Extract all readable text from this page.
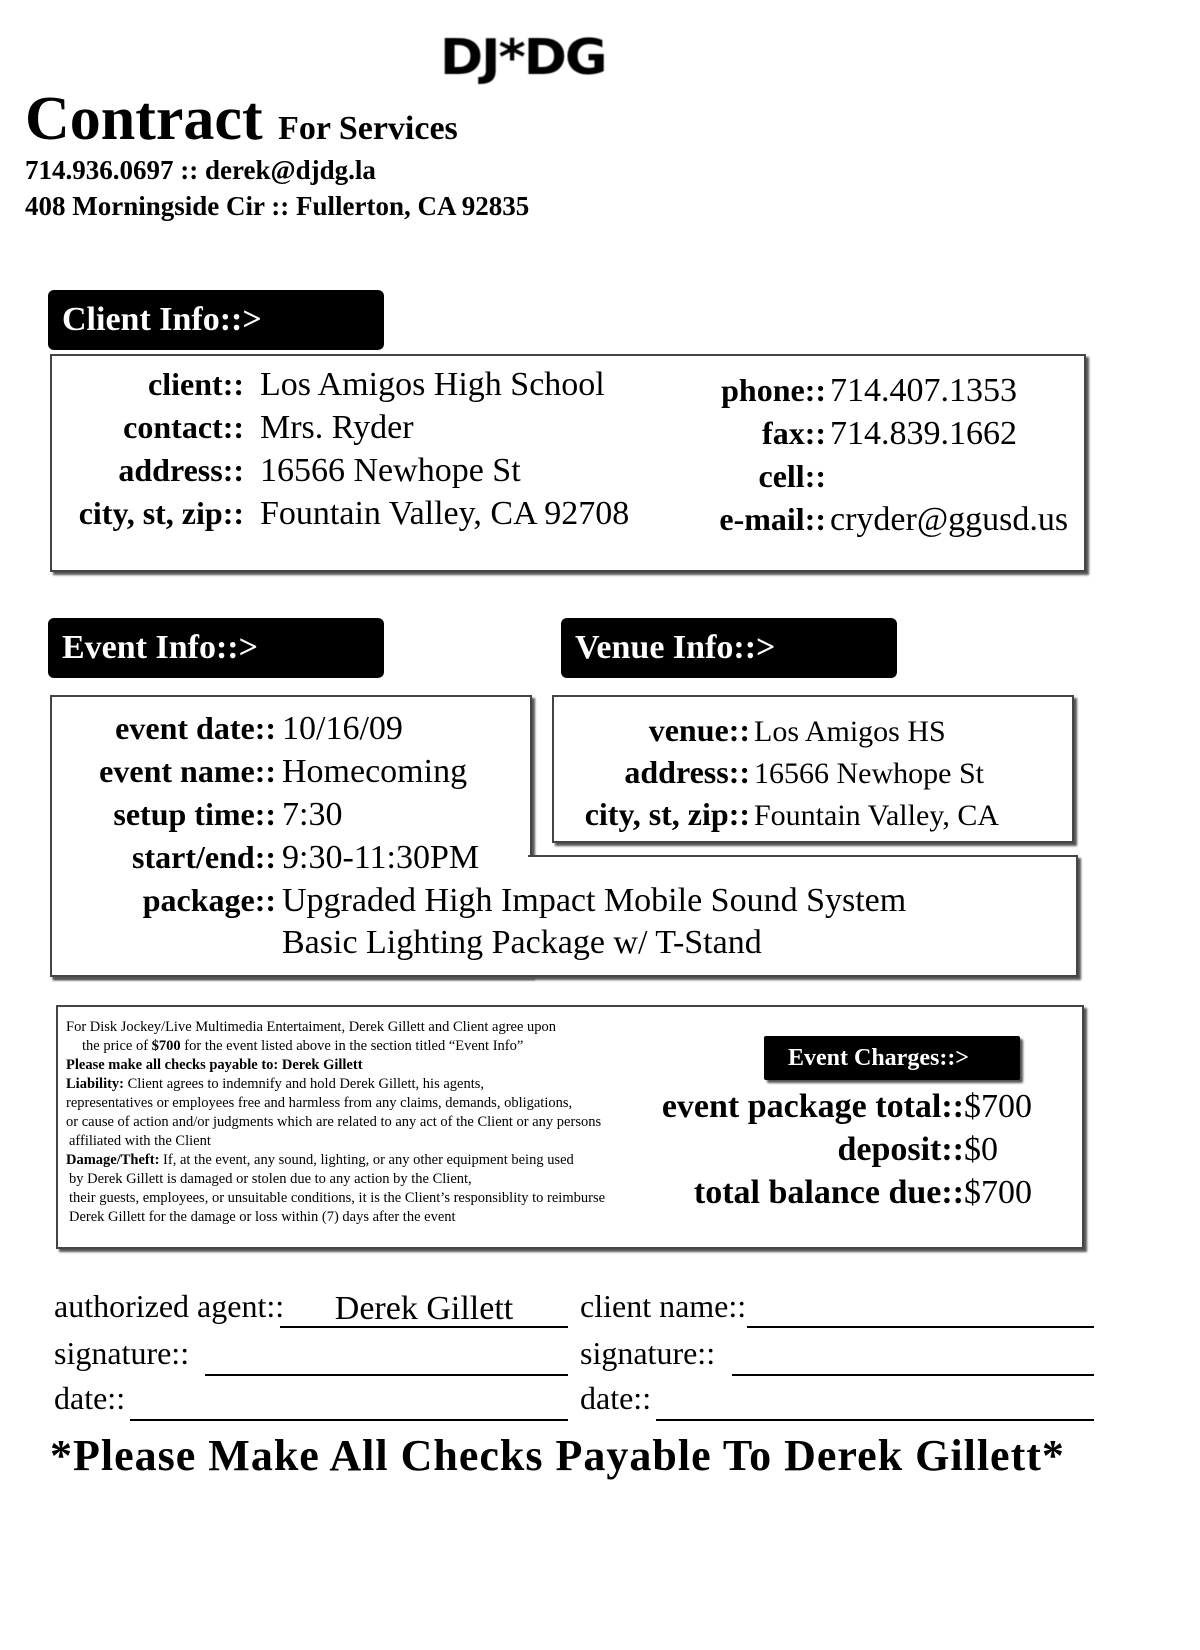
DJ*DG
Contract For Services
714.936.0697 :: derek@djdg.la
408 Morningside Cir :: Fullerton, CA 92835
Client Info::>
Event Info::>	Venue Info::>
For Disk Jockey/Live Multimedia Entertaiment, Derek Gillett and Client agree upon
the price of $700 for the event listed above in the section titled “Event Info”
Please make all checks payable to: Derek Gillett
Liability: Client agrees to indemnify and hold Derek Gillett, his agents,
representatives or employees free and harmless from any claims, demands, obligations,
or cause of action and/or judgments which are related to any act of the Client or any persons
affiliated with the Client
Damage/Theft: If, at the event, any sound, lighting, or any other equipment being used
by Derek Gillett is damaged or stolen due to any action by the Client,
their guests, employees, or unsuitable conditions, it is the Client’s responsiblity to reimburse
Derek Gillett for the damage or loss within (7) days after the event
Event Charges::>
client:: Los Amigos High School
contact:: Mrs. Ryder
address:: 16566 Newhope St
city, st, zip:: Fountain Valley, CA 92708
phone:: 714.407.1353
fax:: 714.839.1662
cell::
e-mail:: cryder@ggusd.us
event date:: 10/16/09
event name:: Homecoming
setup time:: 7:30
start/end:: 9:30-11:30PM
package:: Upgraded High Impact Mobile Sound System
venue:: Los Amigos HS
address:: 16566 Newhope St
city, st, zip:: Fountain Valley, CA
event package total::$700
deposit::$0
total balance due::$700
Basic Lighting Package w/ T-Stand
authorized agent::	Derek Gillett
signature::
date::
client name::
signature::
date::
*Please Make All Checks Payable To Derek Gillett*
